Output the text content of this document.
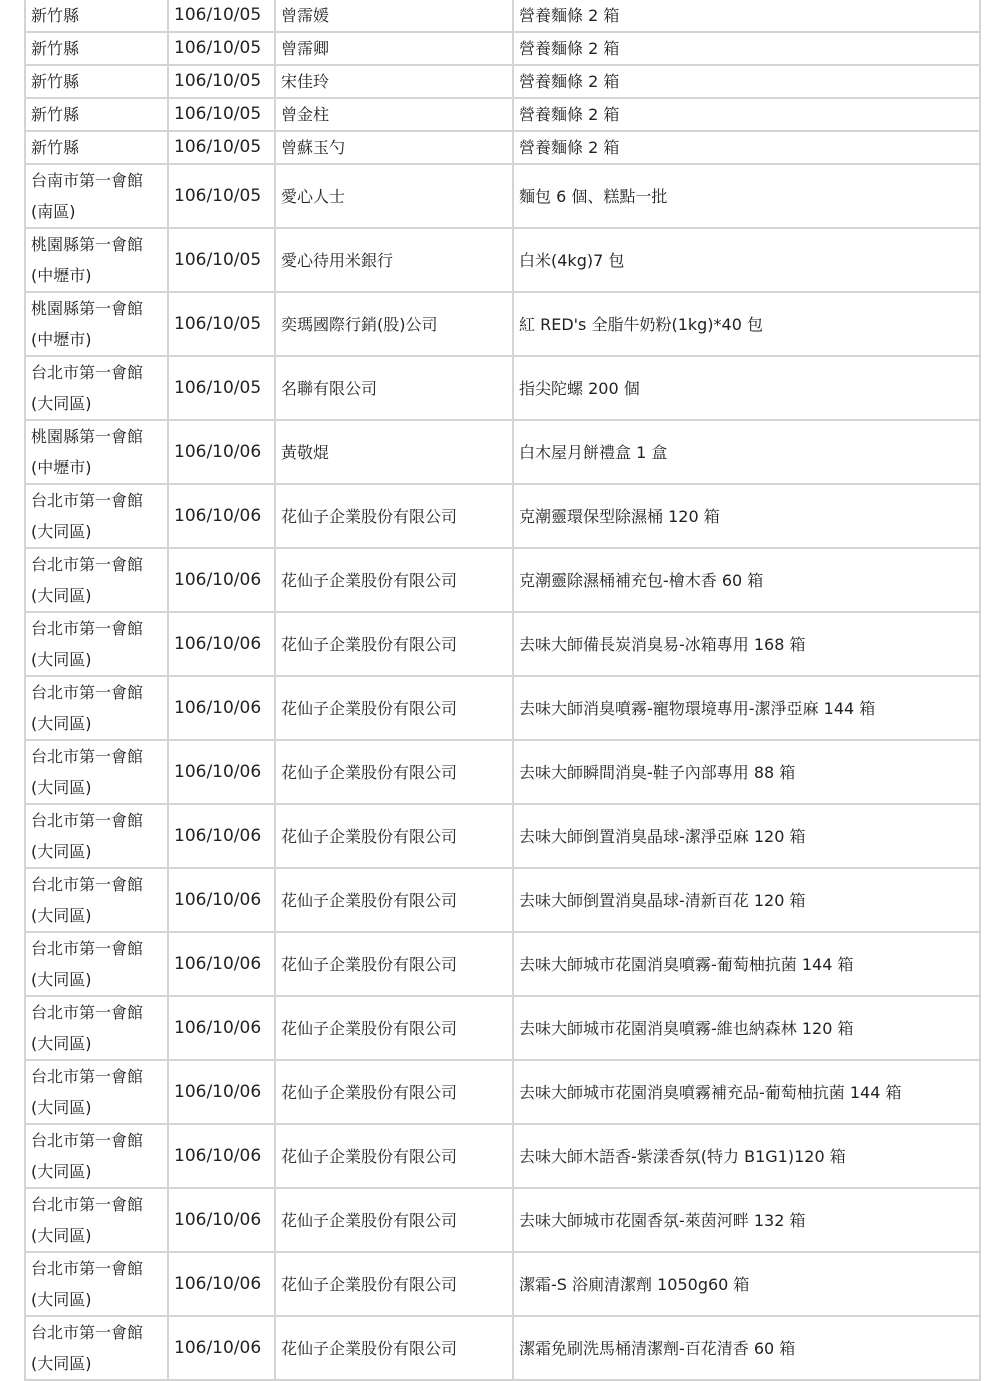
新竹縣	106/10/05	曾霈媛	營養麵條 2 箱
新竹縣	106/10/05	曾霈卿	營養麵條 2 箱
新竹縣	106/10/05	宋佳玲	營養麵條 2 箱
新竹縣	106/10/05	曾金柱	營養麵條 2 箱
新竹縣	106/10/05	曾蘇玉勺	營養麵條 2 箱
台南市第一會館
(南區)	106/10/05	愛心人士	麵包 6 個、糕點一批
桃園縣第一會館
(中壢市)	106/10/05	愛心待用米銀行	白米(4kg)7 包
桃園縣第一會館
(中壢市)	106/10/05	奕瑪國際行銷(股)公司	紅 RED's 全脂牛奶粉(1kg)*40 包
台北市第一會館
(大同區)	106/10/05	名聯有限公司	指尖陀螺 200 個
桃園縣第一會館
(中壢市)	106/10/06	黃敬焜	白木屋月餅禮盒 1 盒
台北市第一會館
(大同區)	106/10/06	花仙子企業股份有限公司	克潮靈環保型除濕桶 120 箱
台北市第一會館
(大同區)	106/10/06	花仙子企業股份有限公司	克潮靈除濕桶補充包-檜木香 60 箱
台北市第一會館
(大同區)	106/10/06	花仙子企業股份有限公司	去味大師備長炭消臭易-冰箱專用 168 箱
台北市第一會館
(大同區)	106/10/06	花仙子企業股份有限公司	去味大師消臭噴霧-寵物環境專用-潔淨亞麻 144 箱
台北市第一會館
(大同區)	106/10/06	花仙子企業股份有限公司	去味大師瞬間消臭-鞋子內部專用 88 箱
台北市第一會館
(大同區)	106/10/06	花仙子企業股份有限公司	去味大師倒置消臭晶球-潔淨亞麻 120 箱
台北市第一會館
(大同區)	106/10/06	花仙子企業股份有限公司	去味大師倒置消臭晶球-清新百花 120 箱
台北市第一會館
(大同區)	106/10/06	花仙子企業股份有限公司	去味大師城市花園消臭噴霧-葡萄柚抗菌 144 箱
台北市第一會館
(大同區)	106/10/06	花仙子企業股份有限公司	去味大師城市花園消臭噴霧-維也納森林 120 箱
台北市第一會館
(大同區)	106/10/06	花仙子企業股份有限公司	去味大師城市花園消臭噴霧補充品-葡萄柚抗菌 144 箱
台北市第一會館
(大同區)	106/10/06	花仙子企業股份有限公司	去味大師木語香-紫漾香氛(特力 B1G1)120 箱
台北市第一會館
(大同區)	106/10/06	花仙子企業股份有限公司	去味大師城市花園香氛-萊茵河畔 132 箱
台北市第一會館
(大同區)	106/10/06	花仙子企業股份有限公司	潔霜-S 浴廁清潔劑 1050g60 箱
台北市第一會館
(大同區)	106/10/06	花仙子企業股份有限公司	潔霜免刷洗馬桶清潔劑-百花清香 60 箱
